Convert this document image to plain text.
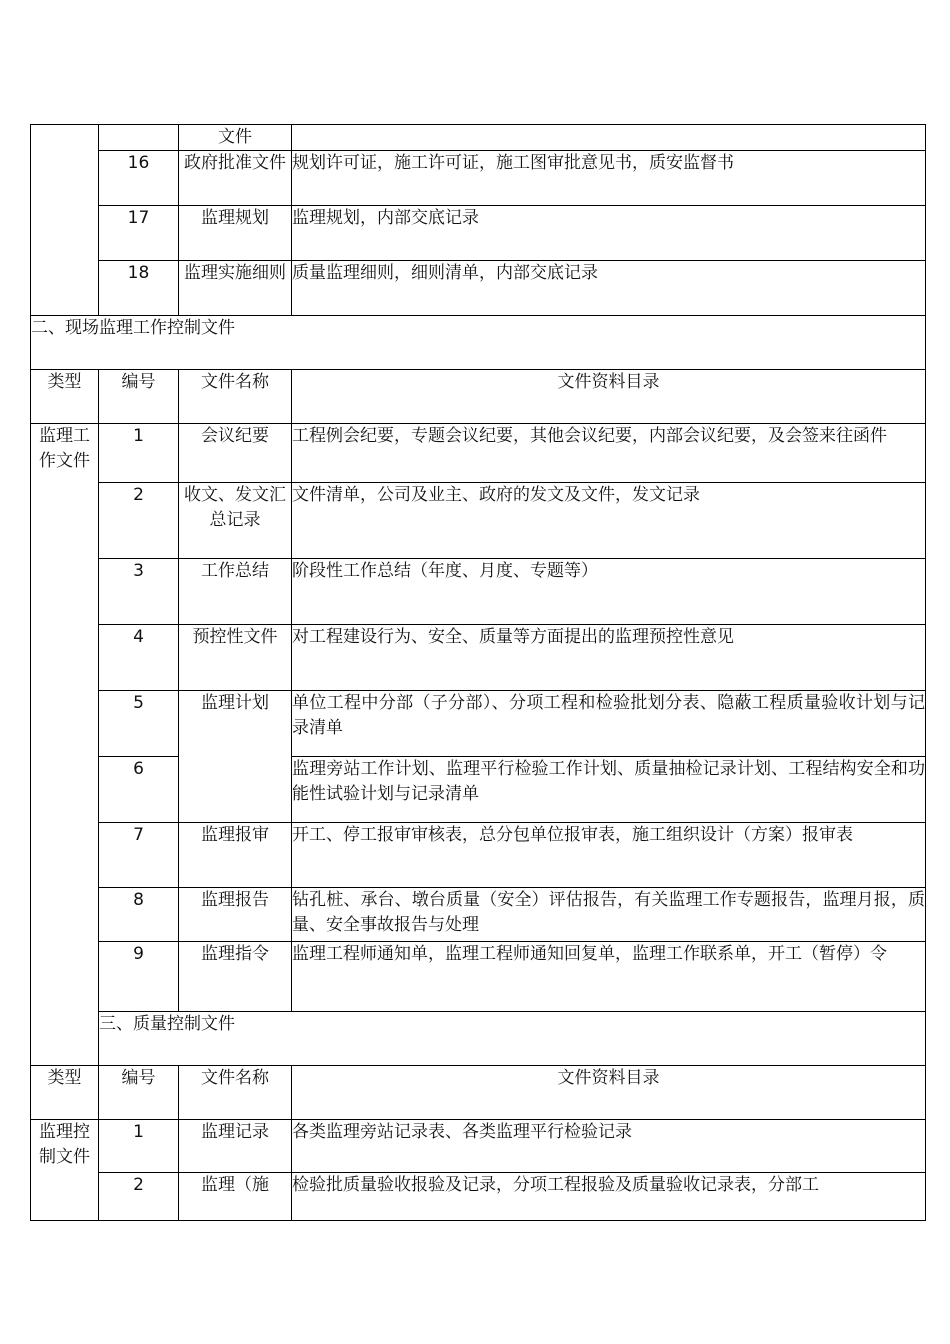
		文件	
	16	政府批准文件	规划许可证，施工许可证，施工图审批意见书，质安监督书
	17	监理规划	监理规划，内部交底记录
	18	监理实施细则	质量监理细则，细则清单，内部交底记录
二、现场监理工作控制文件			
类型	编号	文件名称	文件资料目录
监理工作文件	1	会议纪要	工程例会纪要，专题会议纪要，其他会议纪要，内部会议纪要，及会签来往函件
	2	收文、发文汇总记录	文件清单，公司及业主、政府的发文及文件，发文记录
	3	工作总结	阶段性工作总结（年度、月度、专题等）
	4	预控性文件	对工程建设行为、安全、质量等方面提出的监理预控性意见
	5	监理计划	单位工程中分部（子分部）、分项工程和检验批划分表、隐蔽工程质量验收计划与记录清单
	6		监理旁站工作计划、监理平行检验工作计划、质量抽检记录计划、工程结构安全和功能性试验计划与记录清单
	7	监理报审	开工、停工报审审核表，总分包单位报审表，施工组织设计（方案）报审表
	8	监理报告	钻孔桩、承台、墩台质量（安全）评估报告，有关监理工作专题报告，监理月报，质量、安全事故报告与处理
	9	监理指令	监理工程师通知单，监理工程师通知回复单，监理工作联系单，开工（暂停）令
	三、质量控制文件		
类型	编号	文件名称	文件资料目录
监理控制文件	1	监理记录	各类监理旁站记录表、各类监理平行检验记录
	2	监理（施	检验批质量验收报验及记录，分项工程报验及质量验收记录表，分部工
